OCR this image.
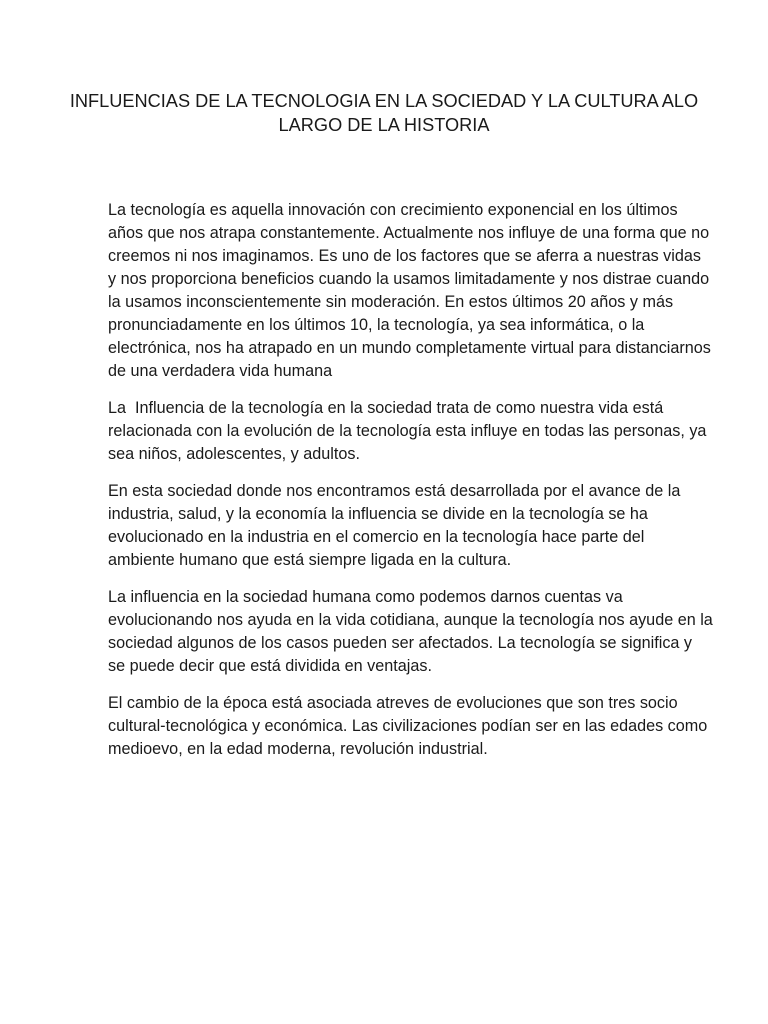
INFLUENCIAS DE LA TECNOLOGIA EN LA SOCIEDAD Y LA CULTURA ALO LARGO DE LA HISTORIA

La tecnología es aquella innovación con crecimiento exponencial en los últimos años que nos atrapa constantemente. Actualmente nos influye de una forma que no creemos ni nos imaginamos. Es uno de los factores que se aferra a nuestras vidas y nos proporciona beneficios cuando la usamos limitadamente y nos distrae cuando la usamos inconscientemente sin moderación. En estos últimos 20 años y más pronunciadamente en los últimos 10, la tecnología, ya sea informática, o la electrónica, nos ha atrapado en un mundo completamente virtual para distanciarnos de una verdadera vida humana

La  Influencia de la tecnología en la sociedad trata de como nuestra vida está relacionada con la evolución de la tecnología esta influye en todas las personas, ya sea niños, adolescentes, y adultos.

En esta sociedad donde nos encontramos está desarrollada por el avance de la industria, salud, y la economía la influencia se divide en la tecnología se ha evolucionado en la industria en el comercio en la tecnología hace parte del ambiente humano que está siempre ligada en la cultura.

La influencia en la sociedad humana como podemos darnos cuentas va evolucionando nos ayuda en la vida cotidiana, aunque la tecnología nos ayude en la sociedad algunos de los casos pueden ser afectados. La tecnología se significa y se puede decir que está dividida en ventajas.

El cambio de la época está asociada atreves de evoluciones que son tres socio cultural-tecnológica y económica. Las civilizaciones podían ser en las edades como medioevo, en la edad moderna, revolución industrial.
